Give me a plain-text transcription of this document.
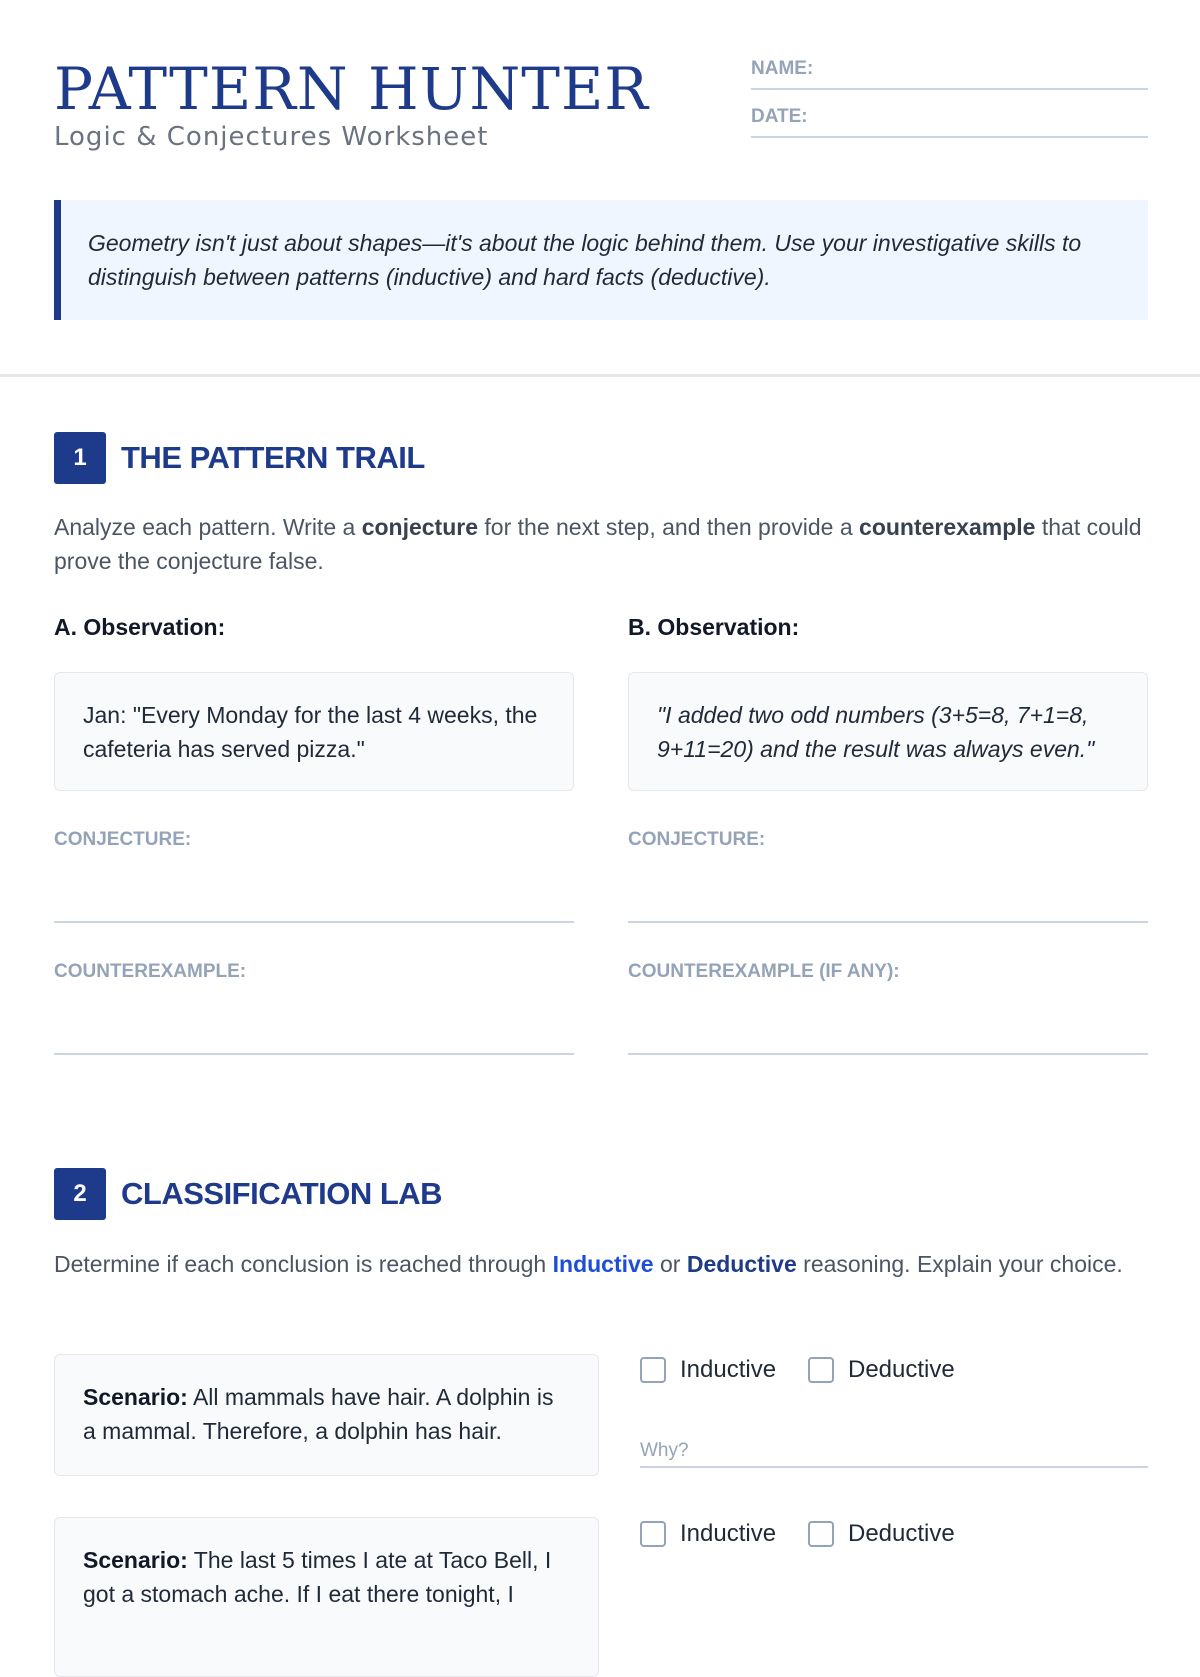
PATTERN HUNTER
Logic & Conjectures Worksheet
NAME:
DATE:

Geometry isn't just about shapes—it's about the logic behind them. Use your investigative skills to distinguish between patterns (inductive) and hard facts (deductive).

1	THE PATTERN TRAIL

Analyze each pattern. Write a conjecture for the next step, and then provide a counterexample that could prove the conjecture false.

A. Observation:
Jan: "Every Monday for the last 4 weeks, the cafeteria has served pizza."
CONJECTURE:
COUNTEREXAMPLE:
B. Observation:
"I added two odd numbers (3+5=8, 7+1=8, 9+11=20) and the result was always even."
CONJECTURE:
COUNTEREXAMPLE (IF ANY):
2	CLASSIFICATION LAB

Determine if each conclusion is reached through Inductive or Deductive reasoning. Explain your choice.

Scenario: All mammals have hair. A dolphin is a mammal. Therefore, a dolphin has hair.
Inductive	Deductive
Why?
Scenario: The last 5 times I ate at Taco Bell, I got a stomach ache. If I eat there tonight, I
Inductive	Deductive
